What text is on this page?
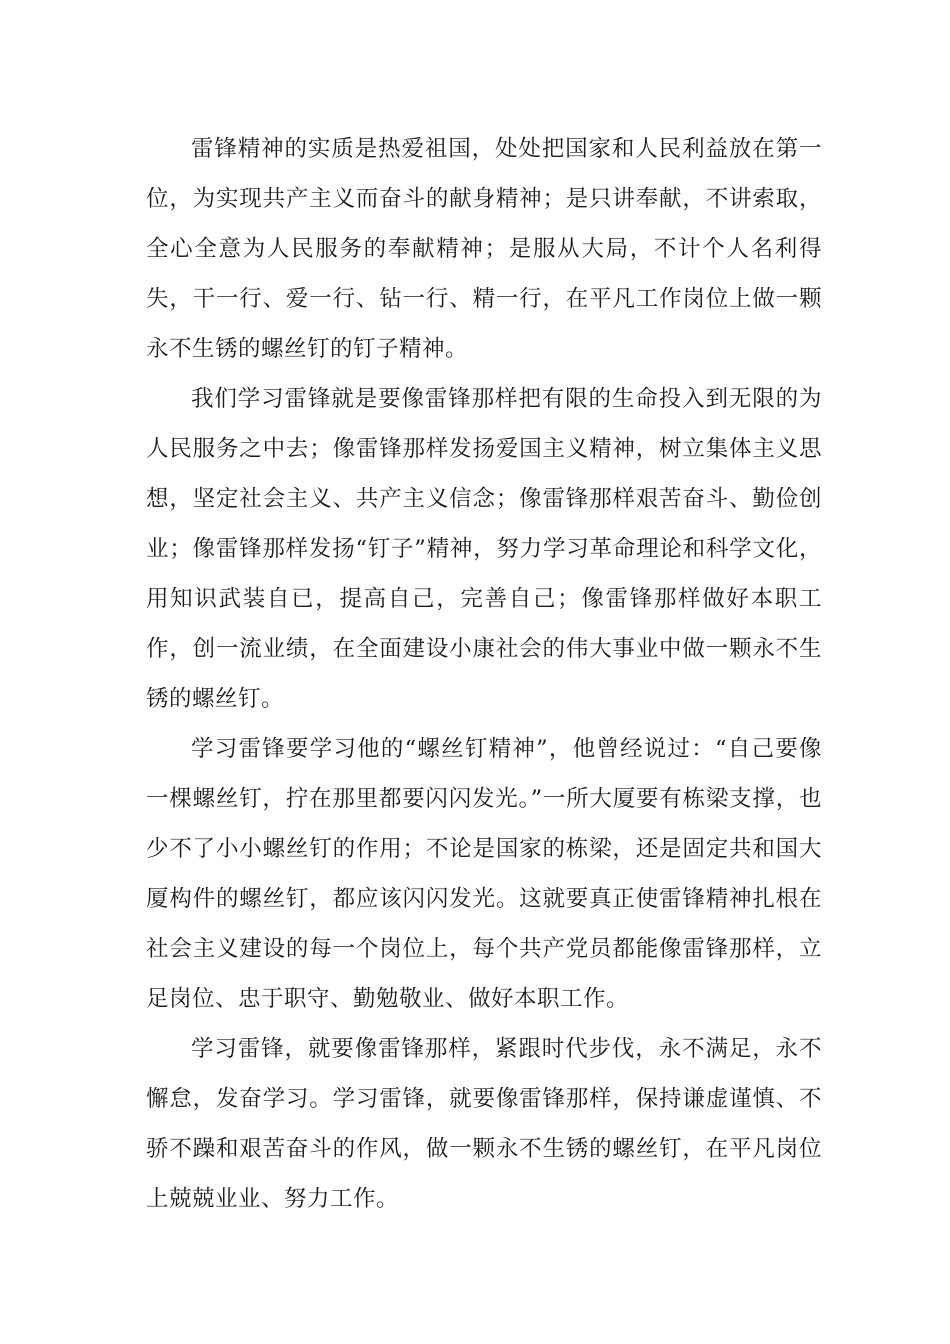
雷锋精神的实质是热爱祖国，处处把国家和人民利益放在第一位，为实现共产主义而奋斗的献身精神；是只讲奉献，不讲索取，全心全意为人民服务的奉献精神；是服从大局，不计个人名利得失，干一行、爱一行、钻一行、精一行，在平凡工作岗位上做一颗永不生锈的螺丝钉的钉子精神。

我们学习雷锋就是要像雷锋那样把有限的生命投入到无限的为人民服务之中去；像雷锋那样发扬爱国主义精神，树立集体主义思想，坚定社会主义、共产主义信念；像雷锋那样艰苦奋斗、勤俭创业；像雷锋那样发扬“钉子”精神，努力学习革命理论和科学文化，用知识武装自已，提高自己，完善自己；像雷锋那样做好本职工作，创一流业绩，在全面建设小康社会的伟大事业中做一颗永不生锈的螺丝钉。

学习雷锋要学习他的“螺丝钉精神”，他曾经说过：“自己要像一棵螺丝钉，拧在那里都要闪闪发光。”一所大厦要有栋梁支撑，也少不了小小螺丝钉的作用；不论是国家的栋梁，还是固定共和国大厦构件的螺丝钉，都应该闪闪发光。这就要真正使雷锋精神扎根在社会主义建设的每一个岗位上，每个共产党员都能像雷锋那样，立足岗位、忠于职守、勤勉敬业、做好本职工作。

学习雷锋，就要像雷锋那样，紧跟时代步伐，永不满足，永不懈怠，发奋学习。学习雷锋，就要像雷锋那样，保持谦虚谨慎、不骄不躁和艰苦奋斗的作风，做一颗永不生锈的螺丝钉，在平凡岗位上兢兢业业、努力工作。
